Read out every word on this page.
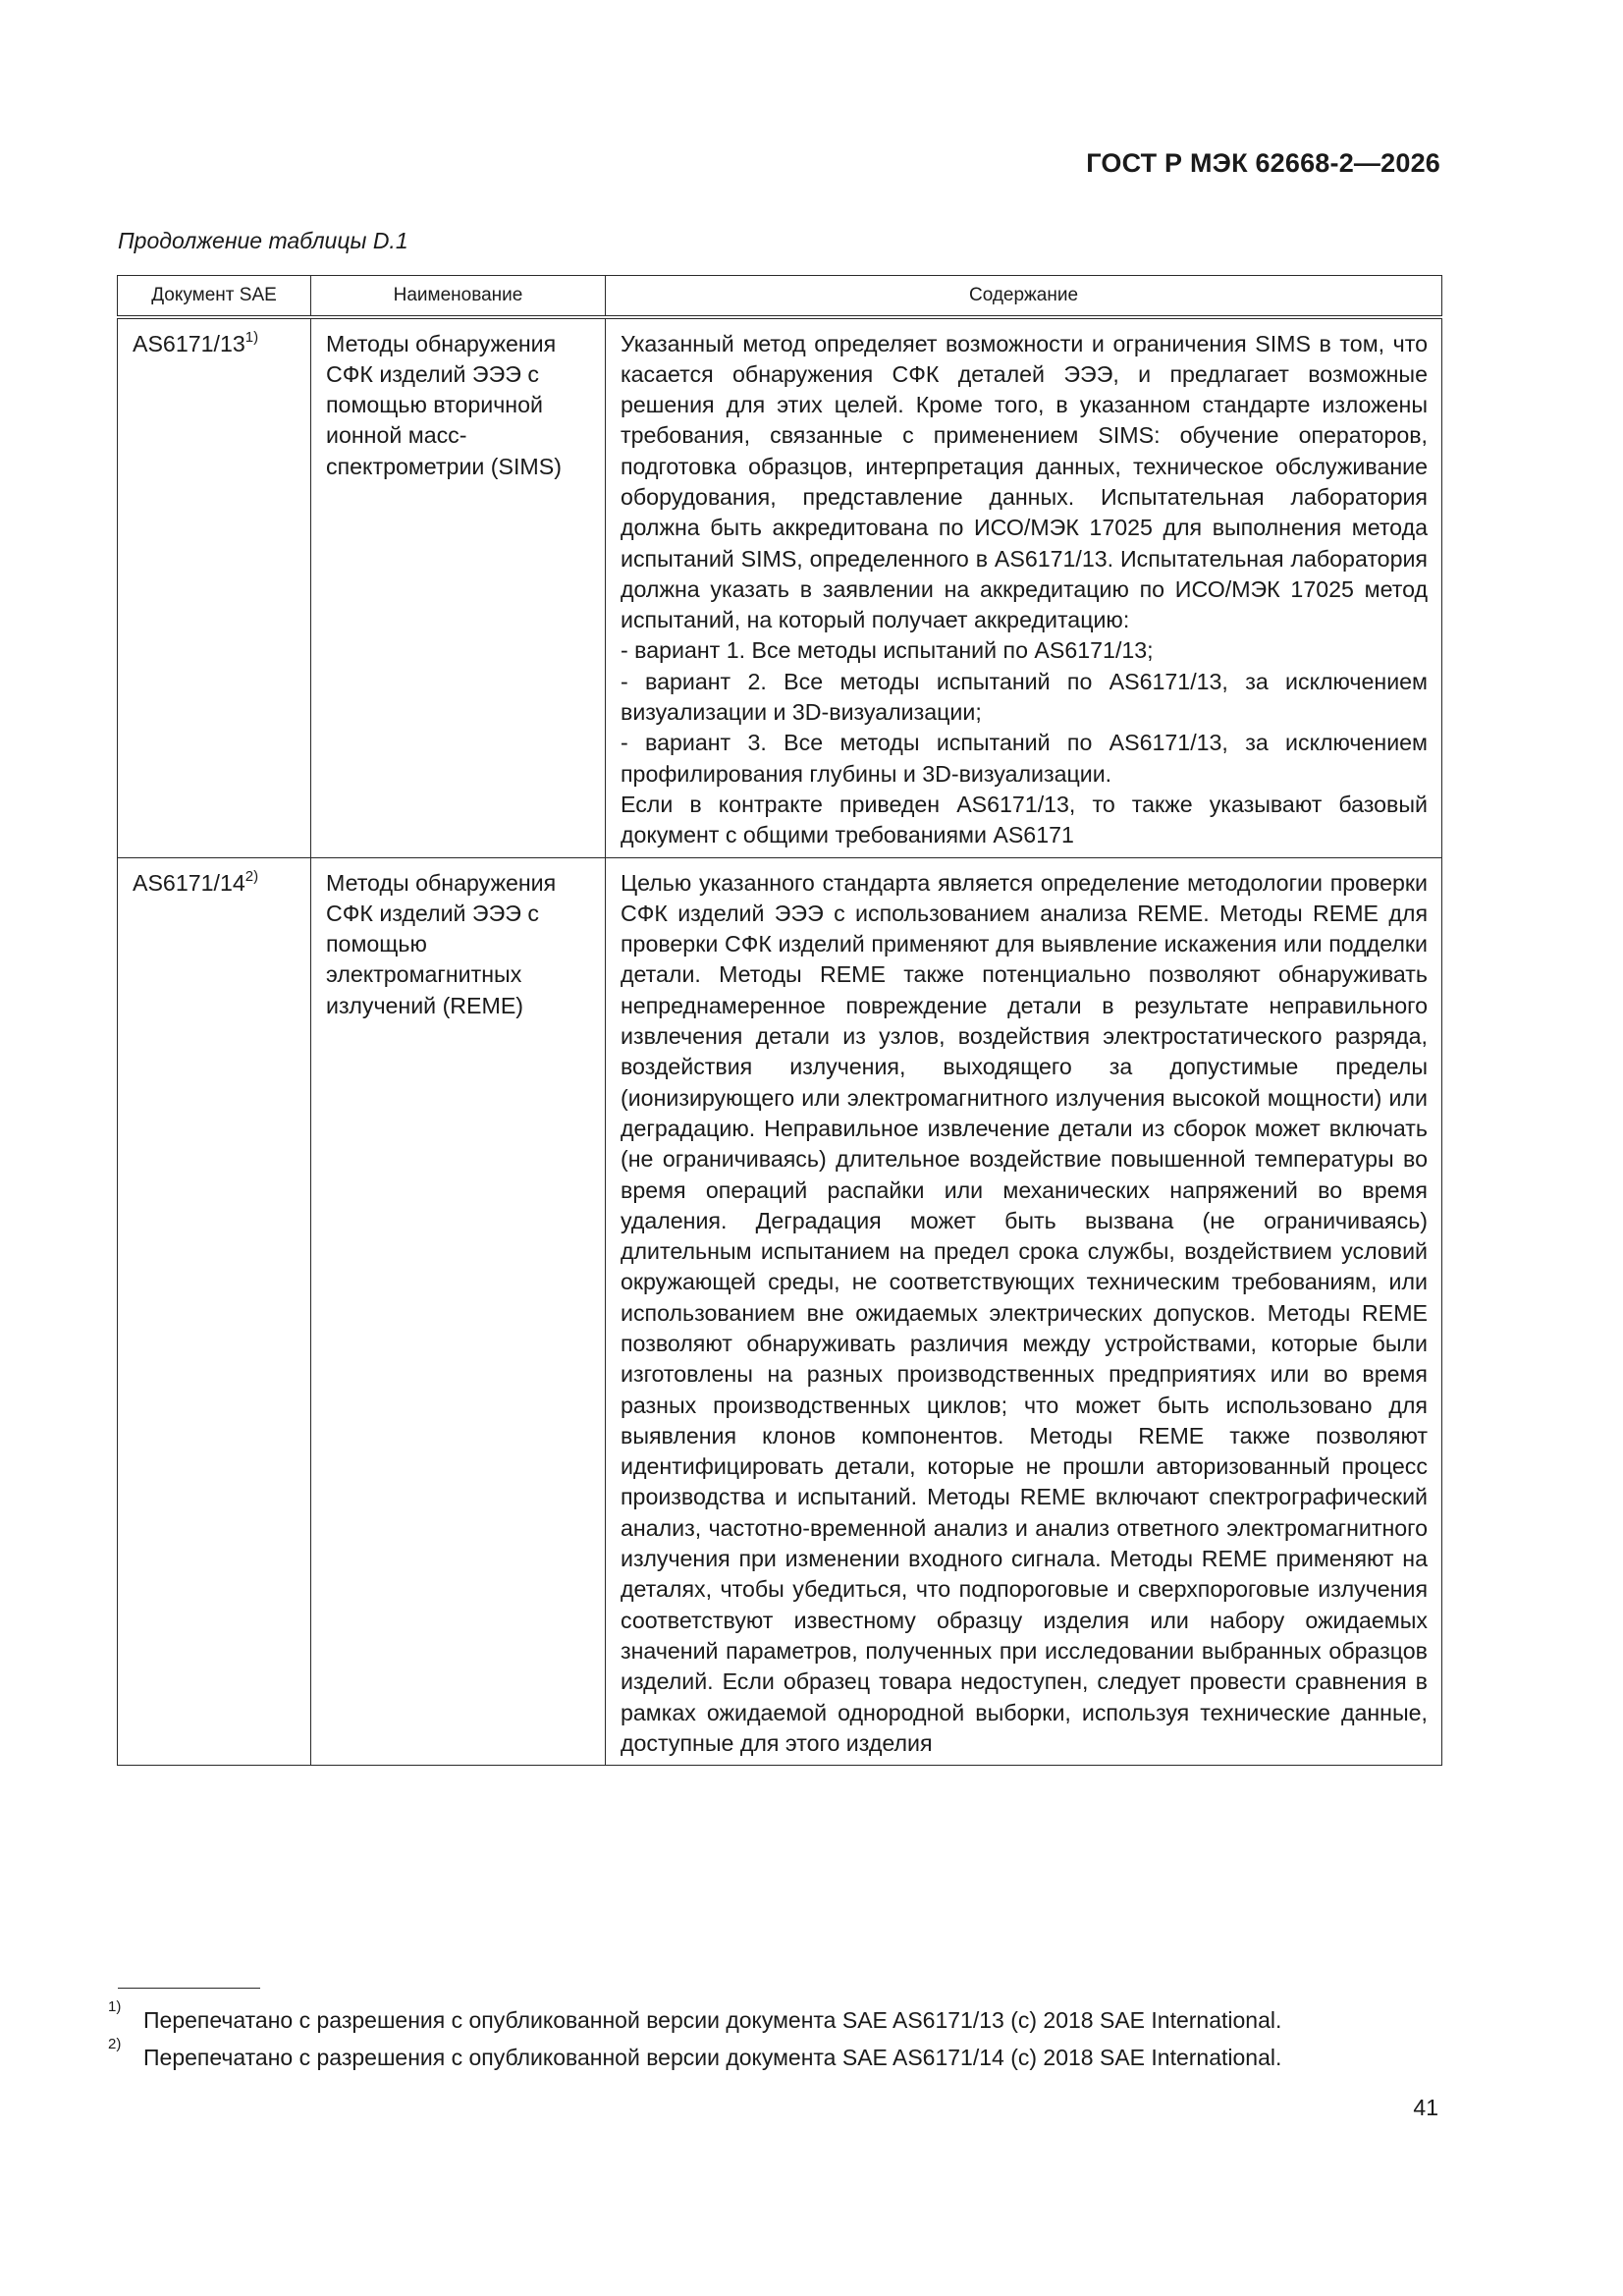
ГОСТ Р МЭК 62668-2—2026
Продолжение таблицы D.1
Документ SAE	Наименование	Содержание
AS6171/13$^{1)}$	Методы обнаружения СФК изделий ЭЭЭ с помощью вторичной ионной масс-спектрометрии (SIMS)	Указанный метод определяет возможности и ограничения SIMS в том, что касается обнаружения СФК деталей ЭЭЭ, и предлагает возможные решения для этих целей. Кроме того, в указанном стандарте изложены требования, связанные с применением SIMS: обучение операторов, подготовка образцов, интерпретация данных, техническое обслуживание оборудования, представление данных. Испытательная лаборатория должна быть аккредитована по ИСО/МЭК 17025 для выполнения метода испытаний SIMS, определенного в AS6171/13. Испытательная лаборатория должна указать в заявлении на аккредитацию по ИСО/МЭК 17025 метод испытаний, на который получает аккредитацию:

- вариант 1. Все методы испытаний по AS6171/13;

- вариант 2. Все методы испытаний по AS6171/13, за исключением визуализации и 3D-визуализации;

- вариант 3. Все методы испытаний по AS6171/13, за исключением профилирования глубины и 3D-визуализации.

Если в контракте приведен AS6171/13, то также указывают базовый документ с общими требованиями AS6171

AS6171/14$^{2)}$	Методы обнаружения СФК изделий ЭЭЭ с помощью электромагнитных излучений (REME)	Целью указанного стандарта является определение методологии проверки СФК изделий ЭЭЭ с использованием анализа REME. Методы REME для проверки СФК изделий применяют для выявление искажения или подделки детали. Методы REME также потенциально позволяют обнаруживать непреднамеренное повреждение детали в результате неправильного извлечения детали из узлов, воздействия электростатического разряда, воздействия излучения, выходящего за допустимые пределы (ионизирующего или электромагнитного излучения высокой мощности) или деградацию. Неправильное извлечение детали из сборок может включать (не ограничиваясь) длительное воздействие повышенной температуры во время операций распайки или механических напряжений во время удаления. Деградация может быть вызвана (не ограничиваясь) длительным испытанием на предел срока службы, воздействием условий окружающей среды, не соответствующих техническим требованиям, или использованием вне ожидаемых электрических допусков. Методы REME позволяют обнаруживать различия между устройствами, которые были изготовлены на разных производственных предприятиях или во время разных производственных циклов; что может быть использовано для выявления клонов компонентов. Методы REME также позволяют идентифицировать детали, которые не прошли авторизованный процесс производства и испытаний. Методы REME включают спектрографический анализ, частотно-временной анализ и анализ ответного электромагнитного излучения при изменении входного сигнала. Методы REME применяют на деталях, чтобы убедиться, что подпороговые и сверхпороговые излучения соответствуют известному образцу изделия или набору ожидаемых значений параметров, полученных при исследовании выбранных образцов изделий. Если образец товара недоступен, следует провести сравнения в рамках ожидаемой однородной выборки, используя технические данные, доступные для этого изделия

1)
Перепечатано с разрешения с опубликованной версии документа SAE AS6171/13 (c) 2018 SAE International.
2)
Перепечатано с разрешения с опубликованной версии документа SAE AS6171/14 (c) 2018 SAE International.
41
